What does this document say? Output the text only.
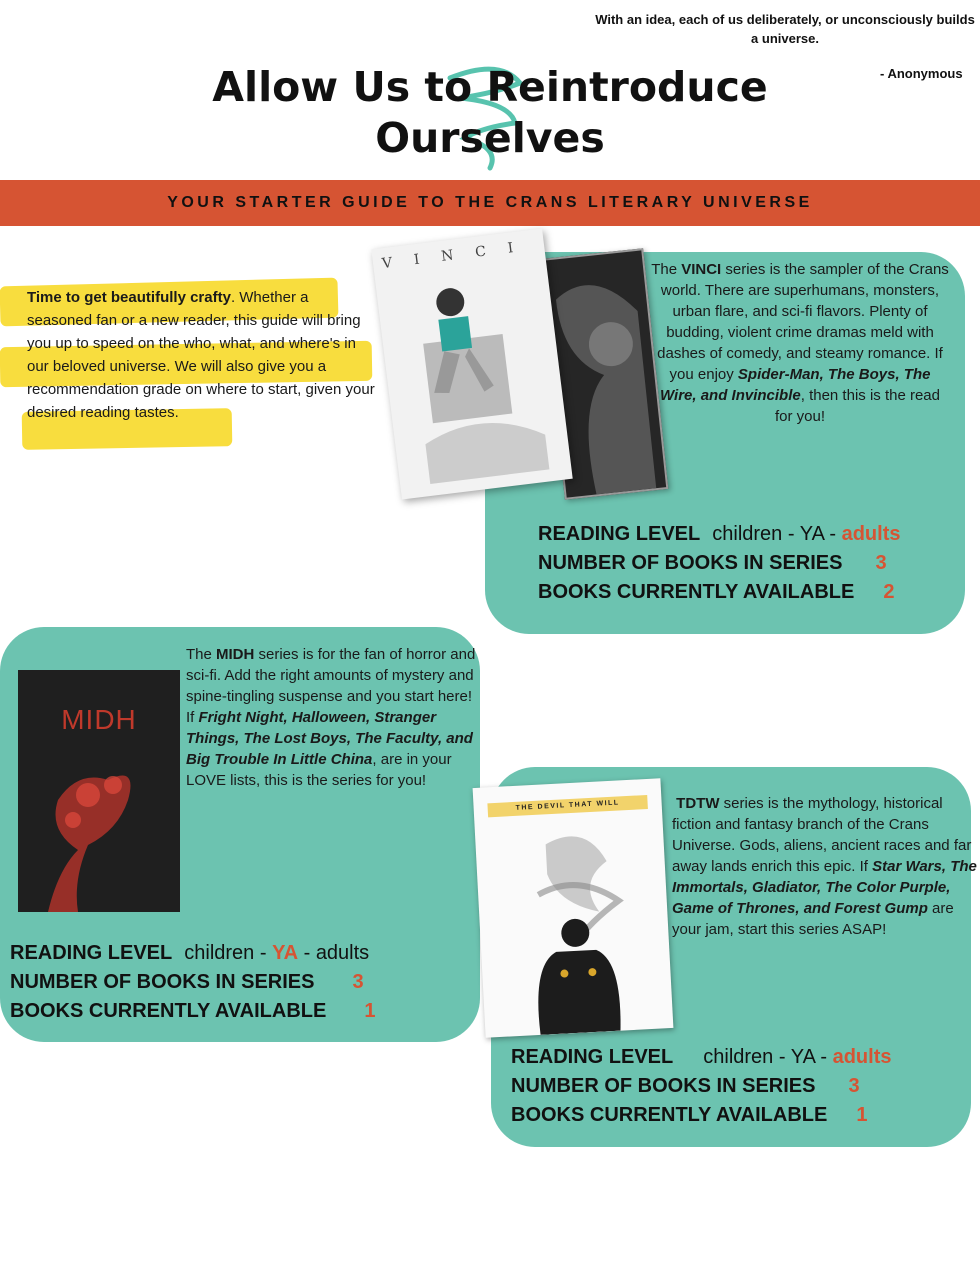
With an idea, each of us deliberately, or unconsciously builds a universe.
- Anonymous
Allow Us to Reintroduce Ourselves
YOUR STARTER GUIDE TO THE CRANS LITERARY UNIVERSE
Time to get beautifully crafty. Whether a seasoned fan or a new reader, this guide will bring you up to speed on the who, what, and where's in our beloved universe. We will also give you a recommendation grade on where to start, given your desired reading tastes.
VINCI	The VINCI series is the sampler of the Crans world. There are superhumans, monsters, urban flare, and sci-fi flavors. Plenty of budding, violent crime dramas meld with dashes of comedy, and steamy romance. If you enjoy Spider-Man, The Boys, The Wire, and Invincible, then this is the read for you!
READING LEVEL children - YA - adults
NUMBER OF BOOKS IN SERIES 3
BOOKS CURRENTLY AVAILABLE 2
MIDH
The MIDH series is for the fan of horror and sci-fi. Add the right amounts of mystery and spine-tingling suspense and you start here! If Fright Night, Halloween, Stranger Things, The Lost Boys, The Faculty, and Big Trouble In Little China, are in your LOVE lists, this is the series for you!
READING LEVEL children - YA - adults
NUMBER OF BOOKS IN SERIES 3
BOOKS CURRENTLY AVAILABLE 1
THE DEVIL THAT WILL	TDTW series is the mythology, historical fiction and fantasy branch of the Crans Universe. Gods, aliens, ancient races and far away lands enrich this epic. If Star Wars, The Immortals, Gladiator, The Color Purple, Game of Thrones, and Forest Gump are your jam, start this series ASAP!
READING LEVEL children - YA - adults
NUMBER OF BOOKS IN SERIES 3
BOOKS CURRENTLY AVAILABLE 1
